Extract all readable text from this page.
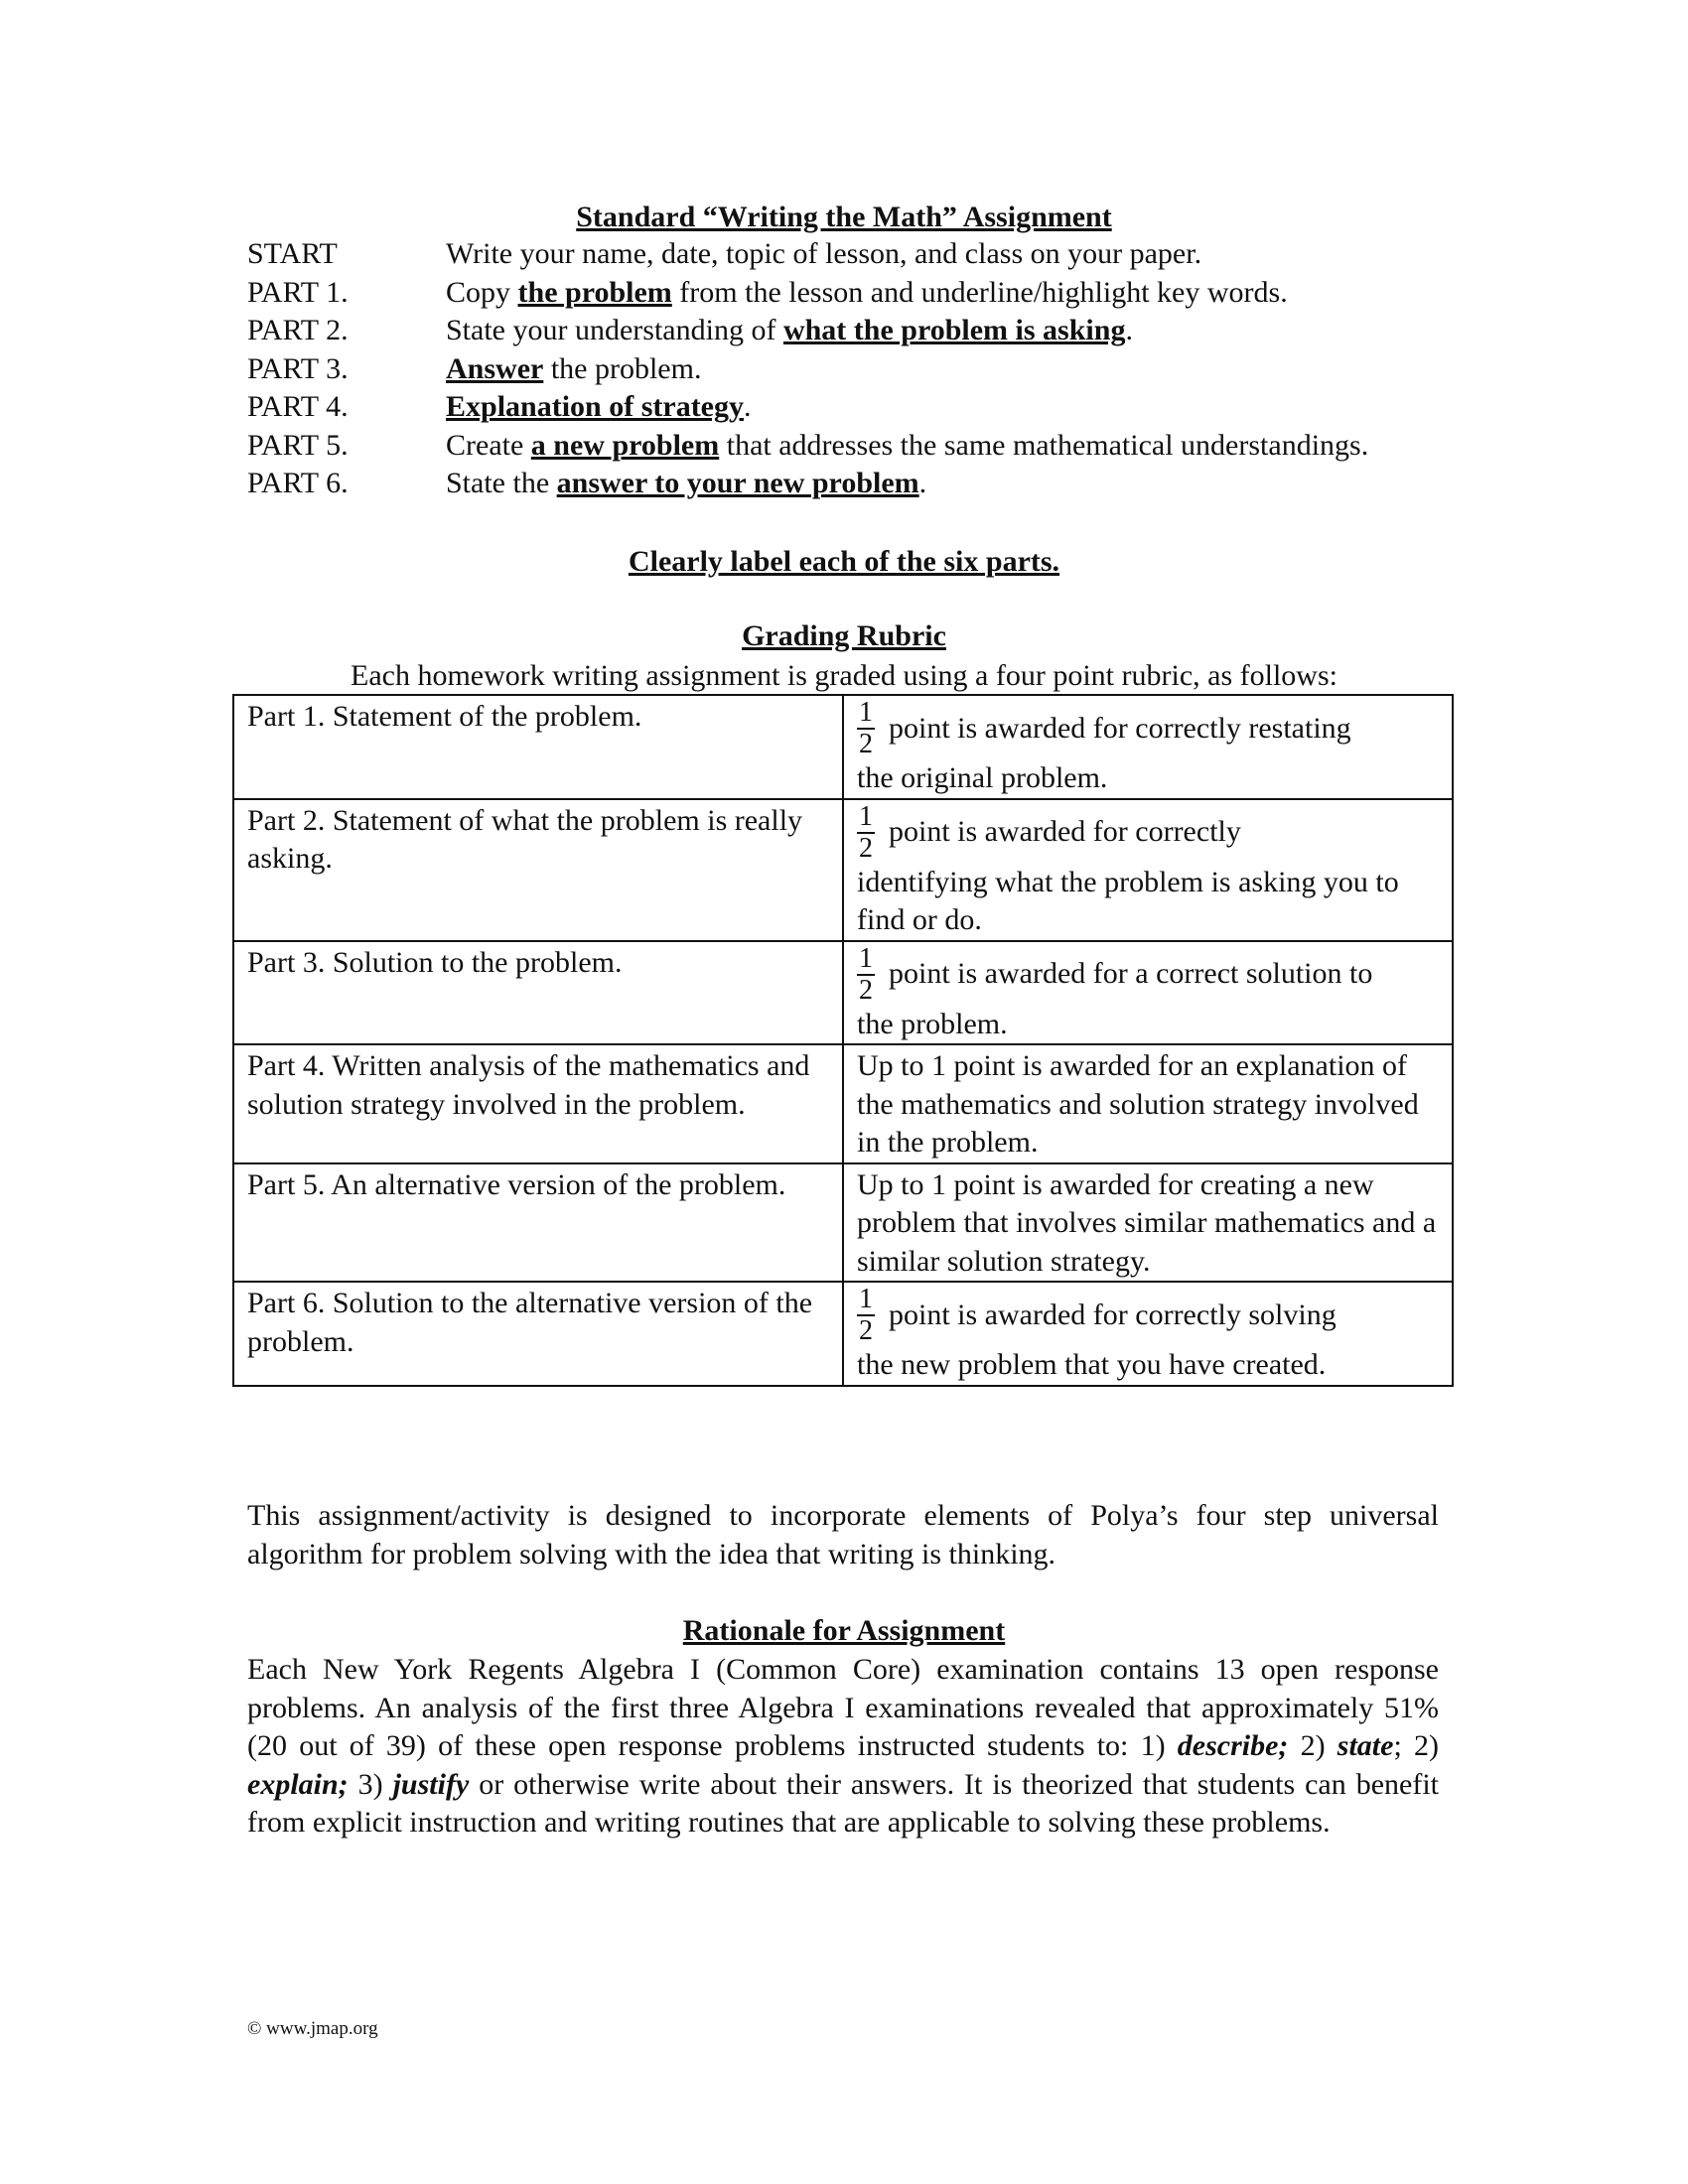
Standard “Writing the Math” Assignment
START	Write your name, date, topic of lesson, and class on your paper.
PART 1.	Copy the problem from the lesson and underline/highlight key words.
PART 2.	State your understanding of what the problem is asking.
PART 3.	Answer the problem.
PART 4.	Explanation of strategy.
PART 5.	Create a new problem that addresses the same mathematical understandings.
PART 6.	State the answer to your new problem.
Clearly label each of the six parts.
Grading Rubric
Each homework writing assignment is graded using a four point rubric, as follows:
Part 1. Statement of the problem.	$\frac{1}{2}$ point is awarded for correctly restating
the original problem.

Part 2. Statement of what the problem is really asking.	$\frac{1}{2}$ point is awarded for correctly
identifying what the problem is asking you to find or do.

Part 3. Solution to the problem.	$\frac{1}{2}$ point is awarded for a correct solution to
the problem.

Part 4. Written analysis of the mathematics and solution strategy involved in the problem.	Up to 1 point is awarded for an explanation of the mathematics and solution strategy involved in the problem.
Part 5. An alternative version of the problem.	Up to 1 point is awarded for creating a new problem that involves similar mathematics and a similar solution strategy.
Part 6. Solution to the alternative version of the problem.	$\frac{1}{2}$ point is awarded for correctly solving
the new problem that you have created.
This assignment/activity is designed to incorporate elements of Polya’s four step universal algorithm for problem solving with the idea that writing is thinking.
Rationale for Assignment
Each New York Regents Algebra I (Common Core) examination contains 13 open response problems. An analysis of the first three Algebra I examinations revealed that approximately 51% (20 out of 39) of these open response problems instructed students to: 1) describe; 2) state; 2) explain; 3) justify or otherwise write about their answers. It is theorized that students can benefit from explicit instruction and writing routines that are applicable to solving these problems.
© www.jmap.org
